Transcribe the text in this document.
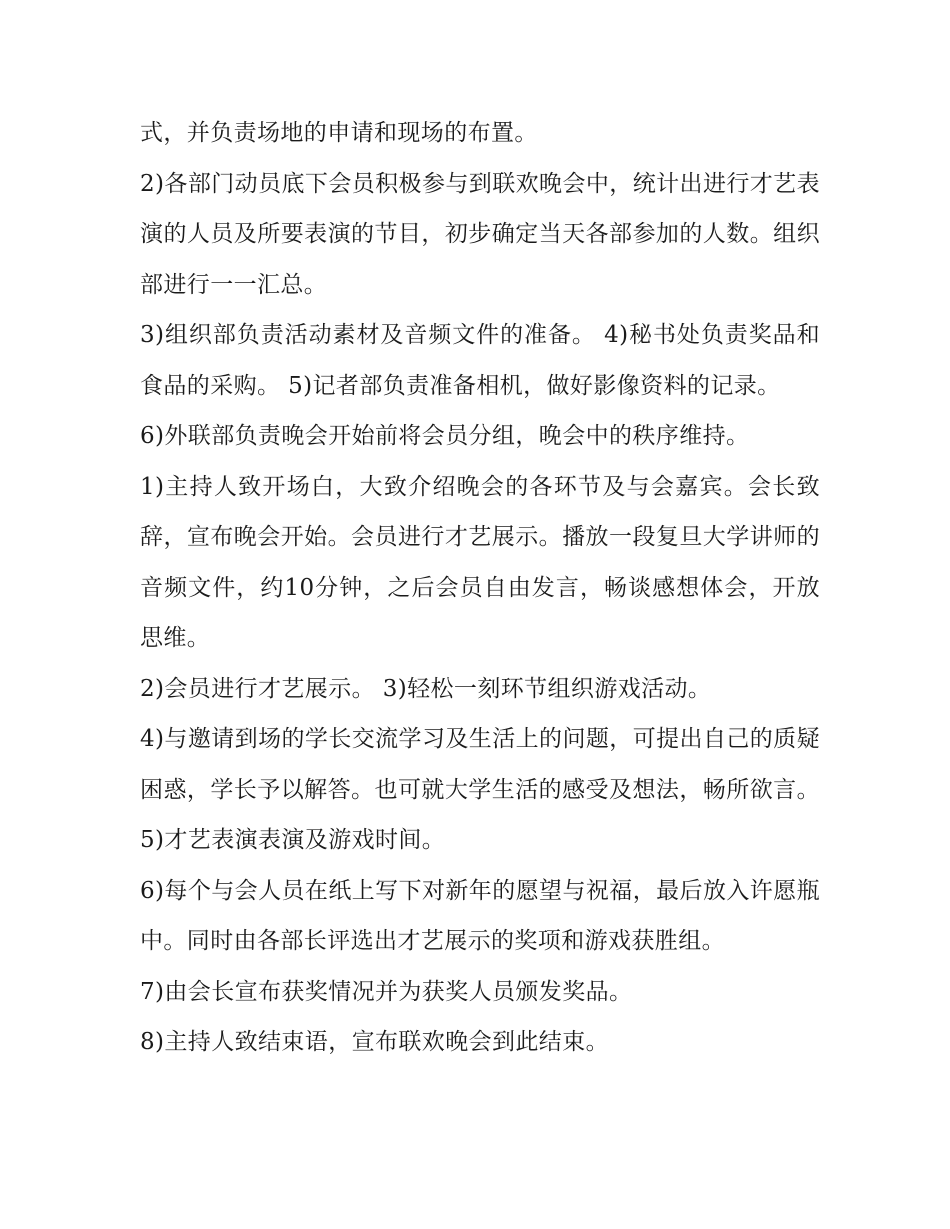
式，并负责场地的申请和现场的布置。

2)各部门动员底下会员积极参与到联欢晚会中，统计出进行才艺表演的人员及所要表演的节目，初步确定当天各部参加的人数。组织部进行一一汇总。

3)组织部负责活动素材及音频文件的准备。 4)秘书处负责奖品和食品的采购。 5)记者部负责准备相机，做好影像资料的记录。

6)外联部负责晚会开始前将会员分组，晚会中的秩序维持。

1)主持人致开场白，大致介绍晚会的各环节及与会嘉宾。会长致辞，宣布晚会开始。会员进行才艺展示。播放一段复旦大学讲师的音频文件，约10分钟，之后会员自由发言，畅谈感想体会，开放思维。

2)会员进行才艺展示。 3)轻松一刻环节组织游戏活动。

4)与邀请到场的学长交流学习及生活上的问题，可提出自己的质疑困惑，学长予以解答。也可就大学生活的感受及想法，畅所欲言。 5)才艺表演表演及游戏时间。

6)每个与会人员在纸上写下对新年的愿望与祝福，最后放入许愿瓶中。同时由各部长评选出才艺展示的奖项和游戏获胜组。

7)由会长宣布获奖情况并为获奖人员颁发奖品。

8)主持人致结束语，宣布联欢晚会到此结束。
